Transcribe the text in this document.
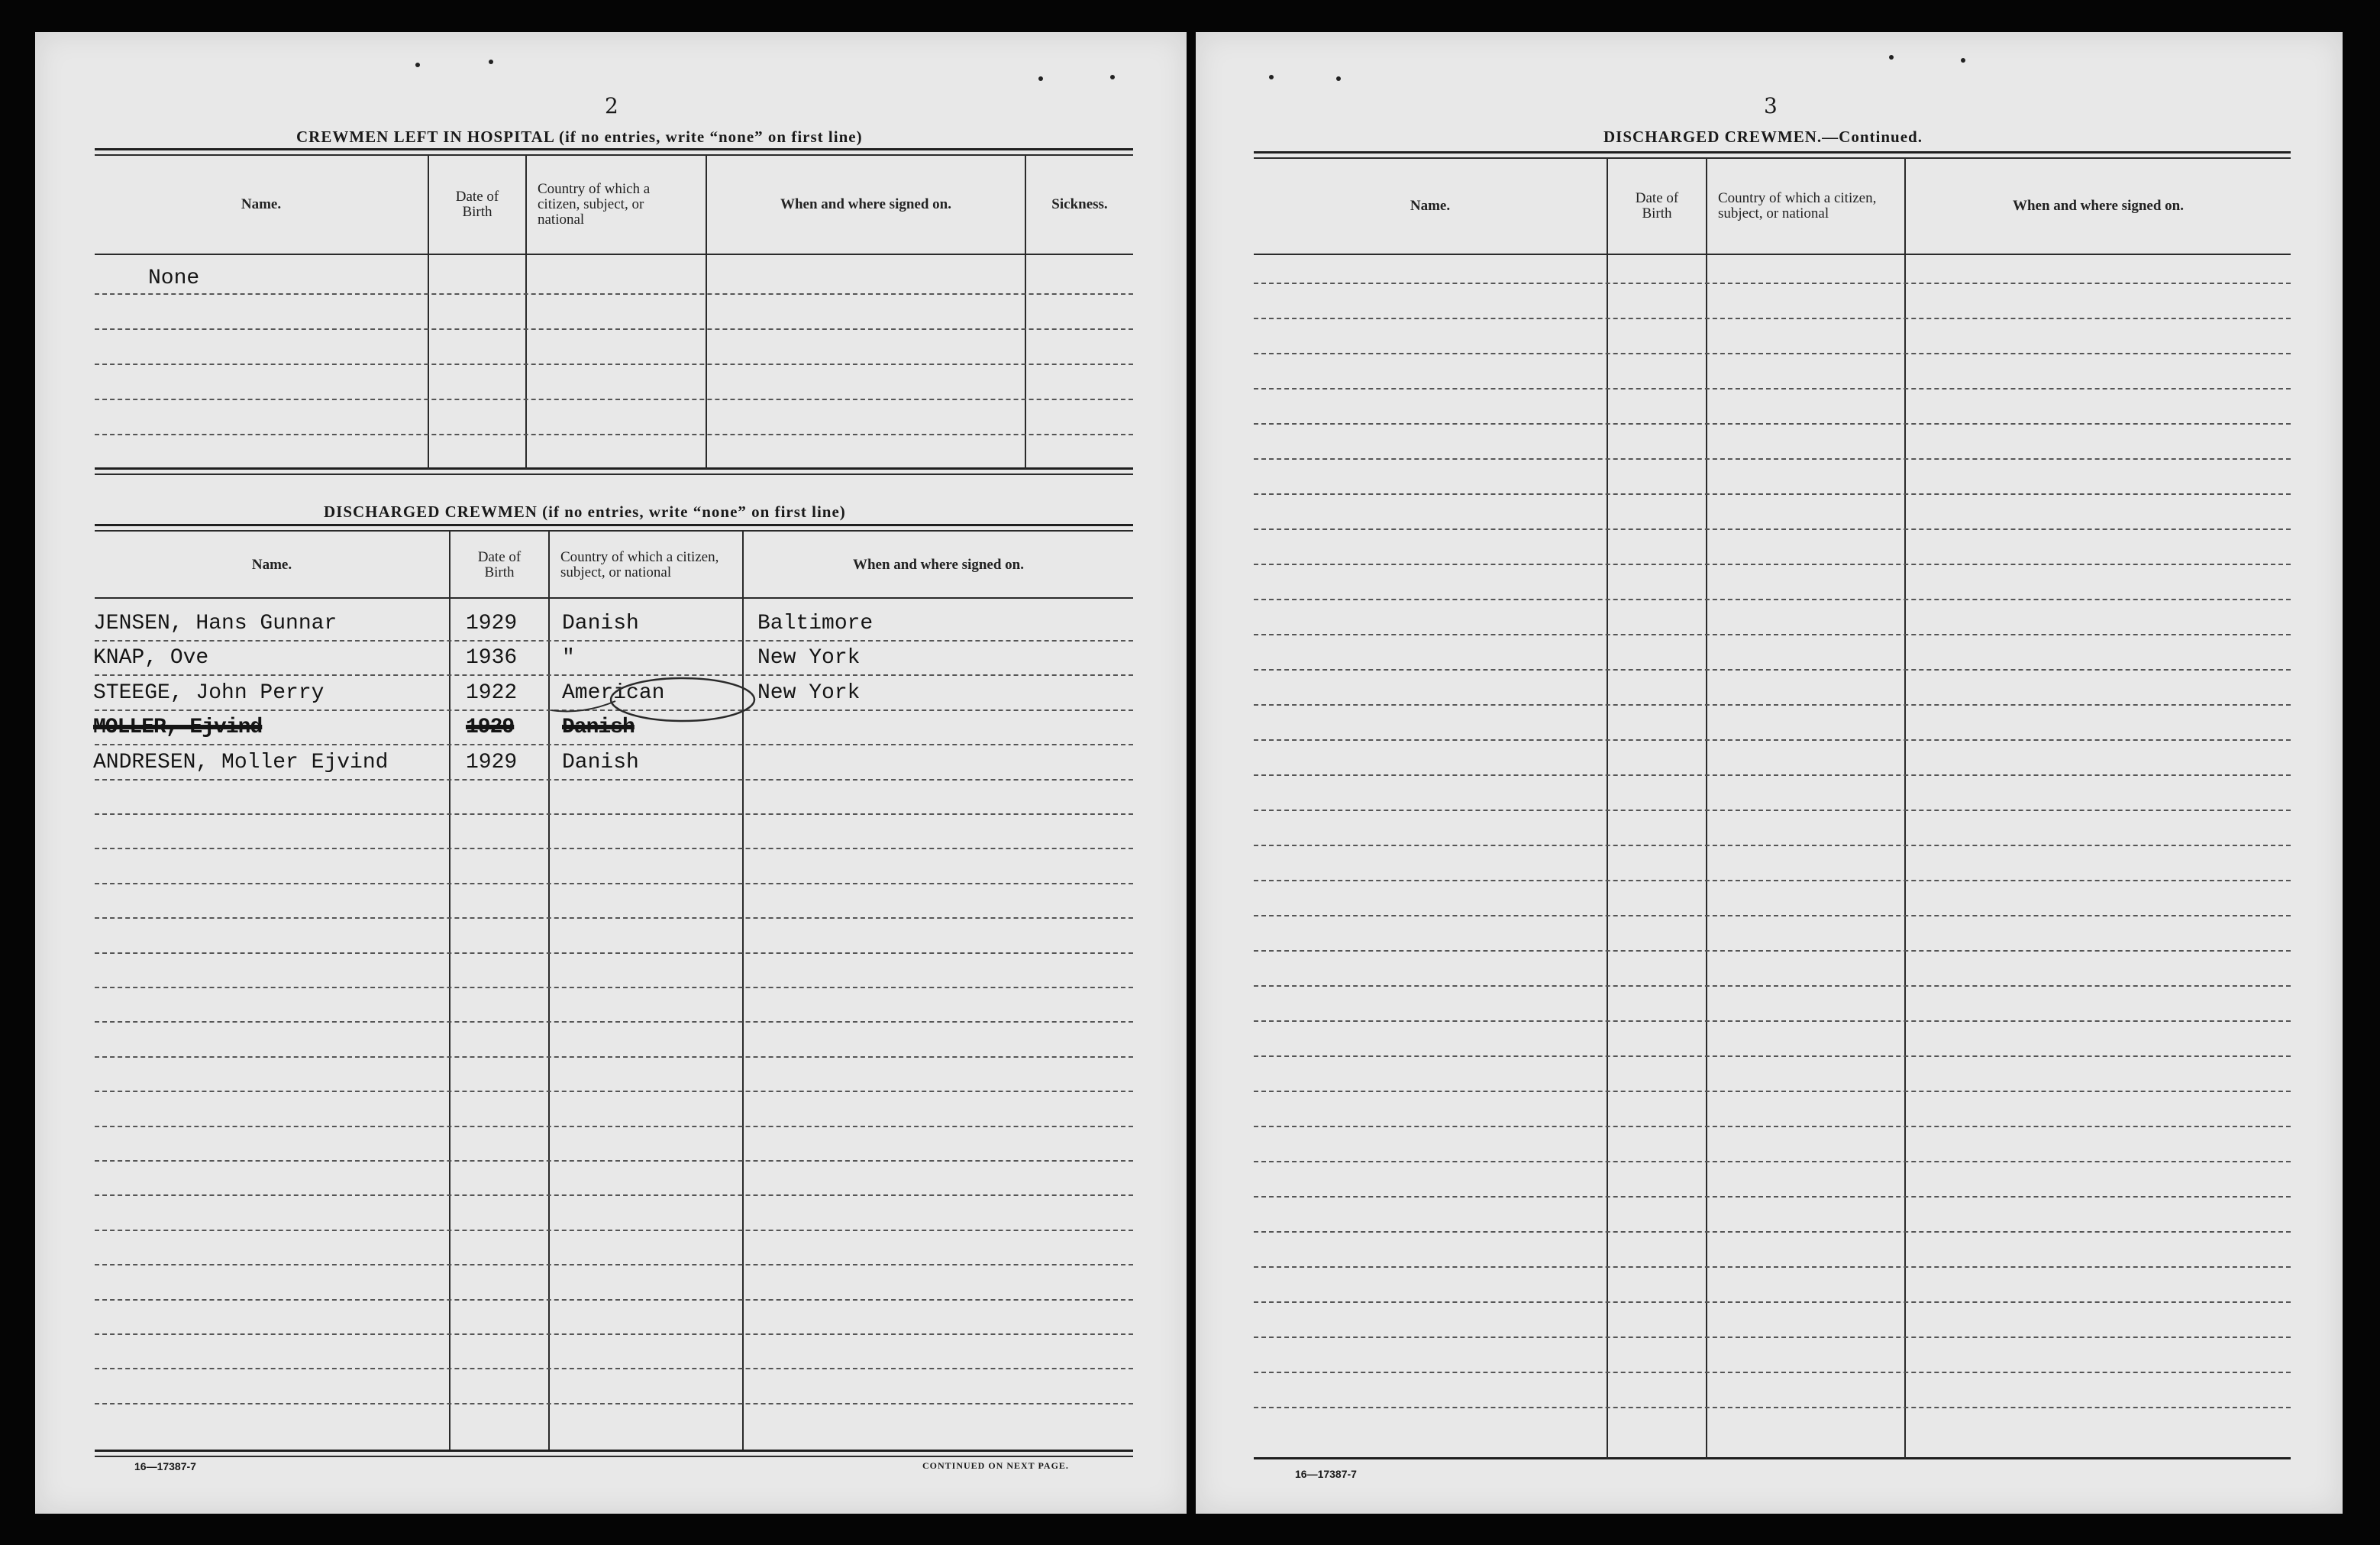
2
CREWMEN LEFT IN HOSPITAL (if no entries, write “none” on first line)
Name.	Date of Birth
Country of which a citizen, subject, or national
When and where signed on.	Sickness.
None
DISCHARGED CREWMEN (if no entries, write “none” on first line)
Name.	Date of Birth
Country of which a citizen, subject, or national	When and where signed on.
JENSEN, Hans Gunnar	1929 Danish	Baltimore
KNAP, Ove	1936 "	New York
STEEGE, John Perry	1922 American	New York
MOLLER, Ejvind	1929 Danish
ANDRESEN, Moller Ejvind	1929 Danish
16—17387-7	CONTINUED ON NEXT PAGE.
3
DISCHARGED CREWMEN.—Continued.
Name.	Date of Birth
Country of which a citizen, subject, or national	When and where signed on.
16—17387-7
